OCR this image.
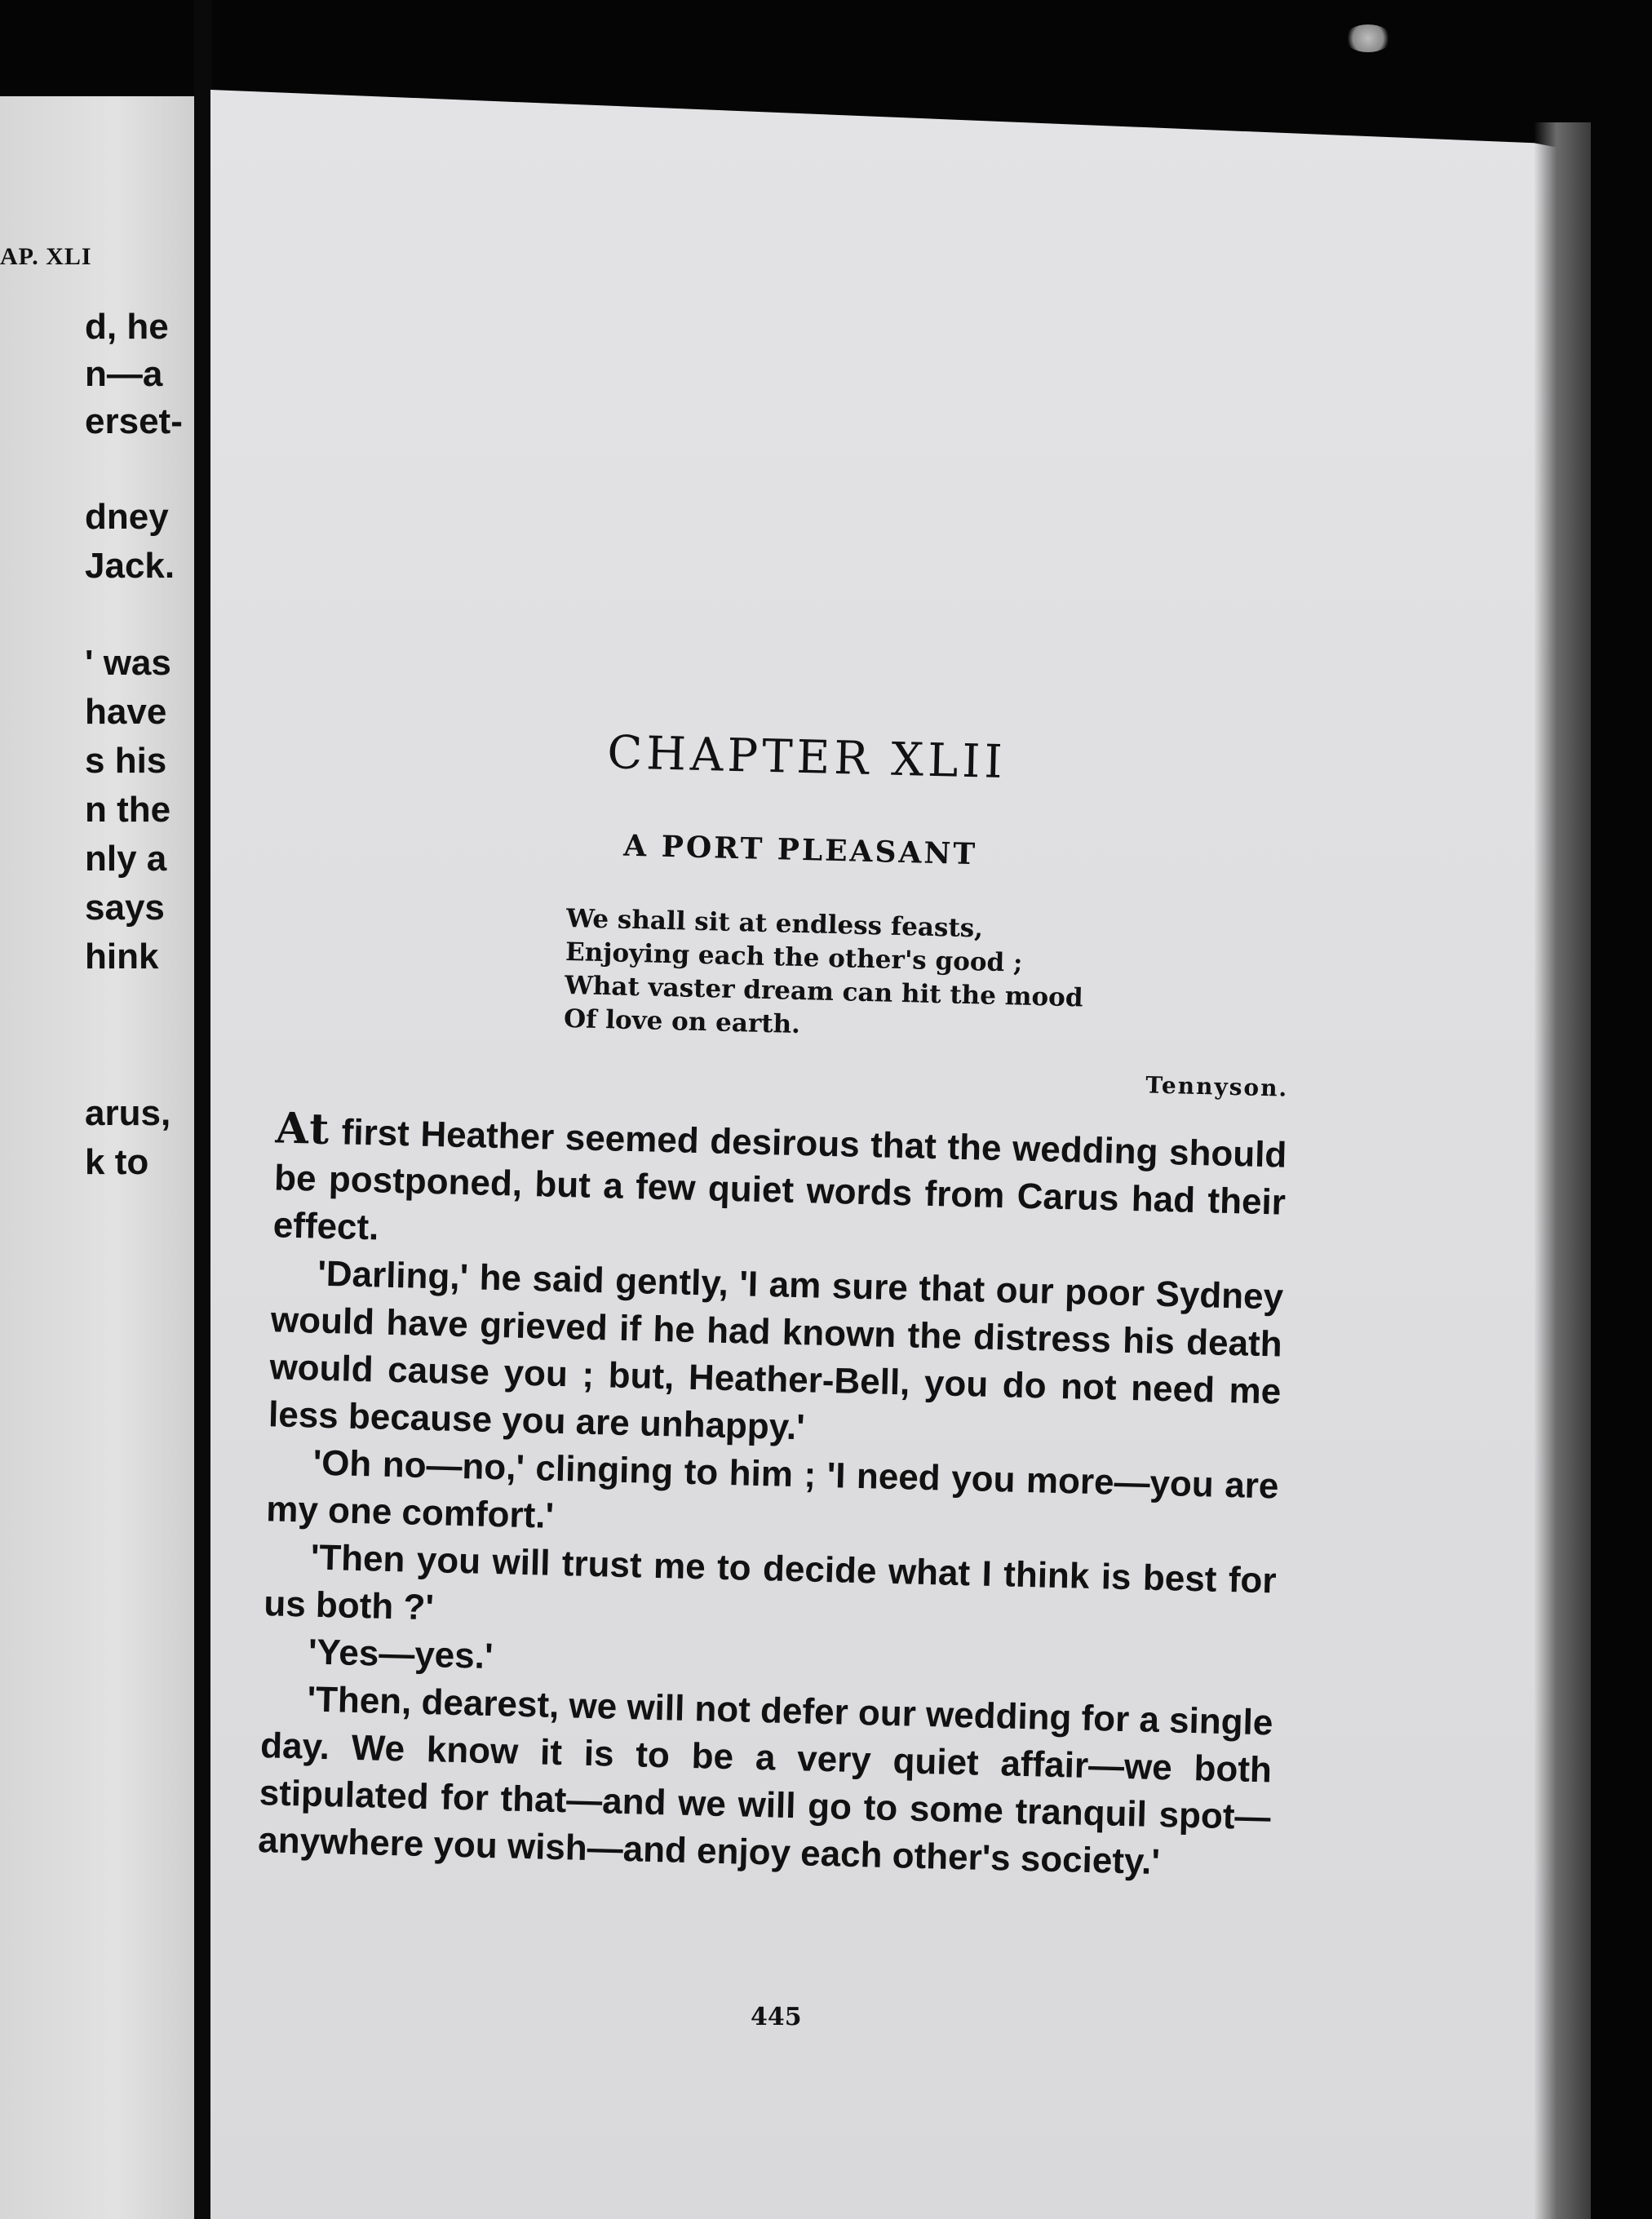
AP. XLI
d, he
n—a
erset-
dney
Jack.
' was
have
s his
n the
nly a
says
hink
arus,
k to
CHAPTER XLII
A PORT PLEASANT
We shall sit at endless feasts,
Enjoying each the other's good ;
What vaster dream can hit the mood
Of love on earth.
Tennyson.

At first Heather seemed desirous that the wedding should be postponed, but a few quiet words from Carus had their effect.

'Darling,' he said gently, 'I am sure that our poor Sydney would have grieved if he had known the distress his death would cause you ; but, Heather-Bell, you do not need me less because you are unhappy.'

'Oh no—no,' clinging to him ; 'I need you more—you are my one comfort.'

'Then you will trust me to decide what I think is best for us both ?'

'Yes—yes.'

'Then, dearest, we will not defer our wedding for a single day. We know it is to be a very quiet affair—we both stipulated for that—and we will go to some tranquil spot—anywhere you wish—and enjoy each other's society.'

445
